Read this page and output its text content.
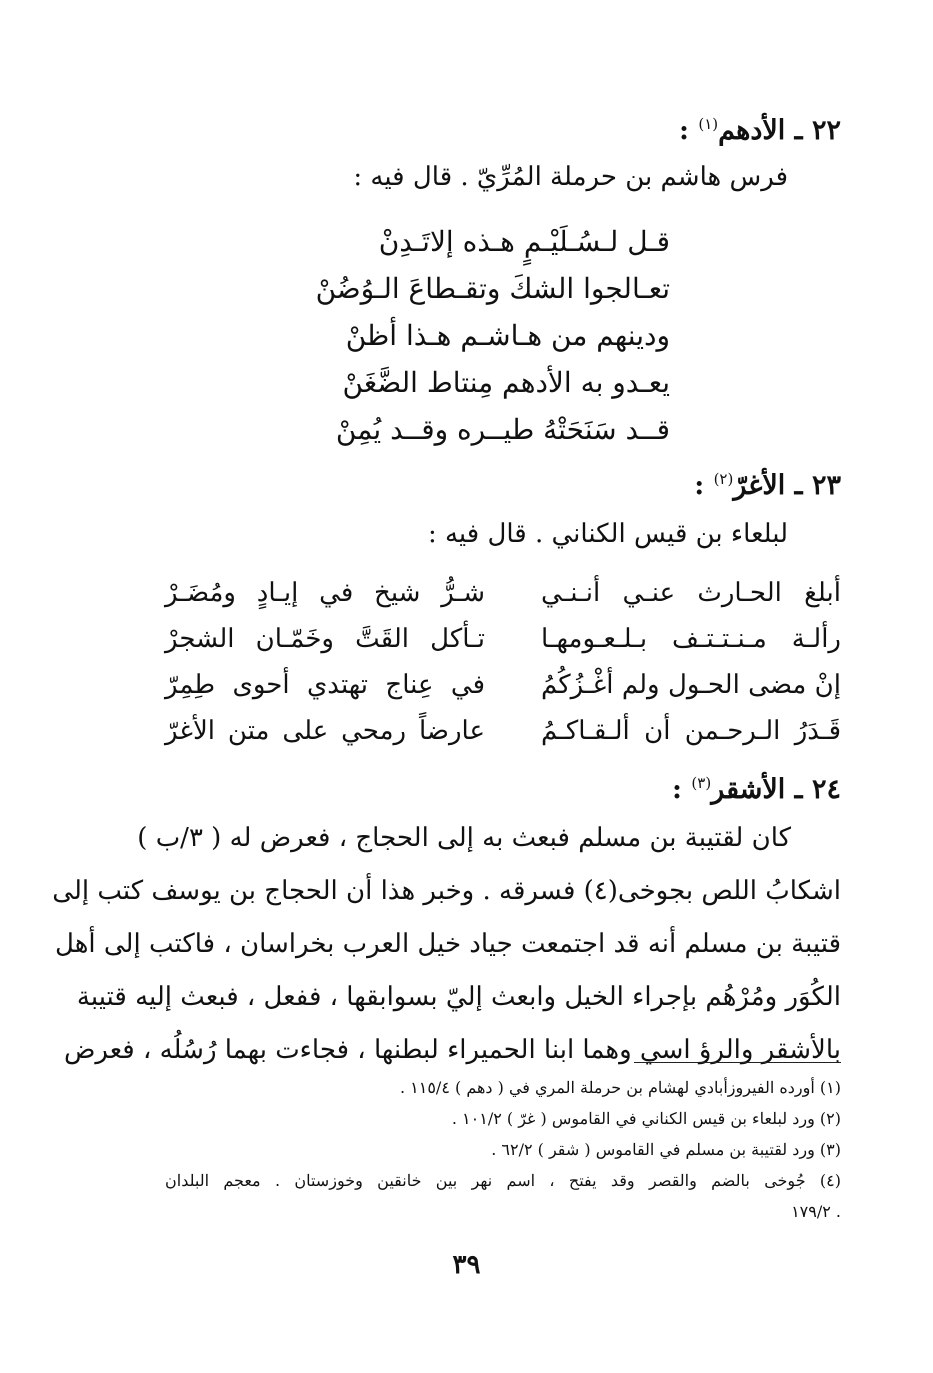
٢٢ ـ الأدهم$^{(١)}$ :
فرس هاشم بن حرملة المُرِّيّ . قال فيه :
قـل لـسُـلَيْـمٍ هـذه إلاتَـدِنْ
تعـالجوا الشكَ وتقـطاعَ الـوُضُنْ
ودينهم من هـاشـم هـذا أظنْ
يعـدو به الأدهم مِنتاط الضَّغَنْ
قــد سَنَحَتْهُ طيــره وقــد يُمِنْ
٢٣ ـ الأغرّ$^{(٢)}$ :
لبلعاء بن قيس الكناني . قال فيه :
أبلغ الحـارث عنـي أنـنـي
شـرُّ شيخ في إيـادٍ ومُضَـرْ
رألـة مـنـتـتـف بـلـعـومهـا
تـأكل القَتَّ وخَمّـان الشجرْ
إنْ مضى الحـول ولم أغْـزُكُمُ
في عِناج تهتدي أحوى طِمِرّ
قَـدَرُ الـرحـمن أن ألـقـاكـمُ
عارضاً رمحي على متن الأغرّ
٢٤ ـ الأشقر$^{(٣)}$ :
كان لقتيبة بن مسلم فبعث به إلى الحجاج ، فعرض له ( ٣/ب )
اشكابُ اللص بجوخى(٤) فسرقه . وخبر هذا أن الحجاج بن يوسف كتب إلى
قتيبة بن مسلم أنه قد اجتمعت جياد خيل العرب بخراسان ، فاكتب إلى أهل
الكُوَر ومُرْهُم بإجراء الخيل وابعث إليّ بسوابقها ، ففعل ، فبعث إليه قتيبة
بالأشقر والرؤ اسي وهما ابنا الحميراء لبطنها ، فجاءت بهما رُسُلُه ، فعرض
(١) أورده الفيروزأبادي لهشام بن حرملة المري في ( دهم ) ١١٥/٤ .
(٢) ورد لبلعاء بن قيس الكناني في القاموس ( غرّ ) ١٠١/٢ .
(٣) ورد لقتيبة بن مسلم في القاموس ( شقر ) ٦٢/٢ .
(٤) جُوخى بالضم والقصر وقد يفتح ، اسم نهر بين خانقين وخوزستان . معجم البلدان
. ١٧٩/٢
٣٩
